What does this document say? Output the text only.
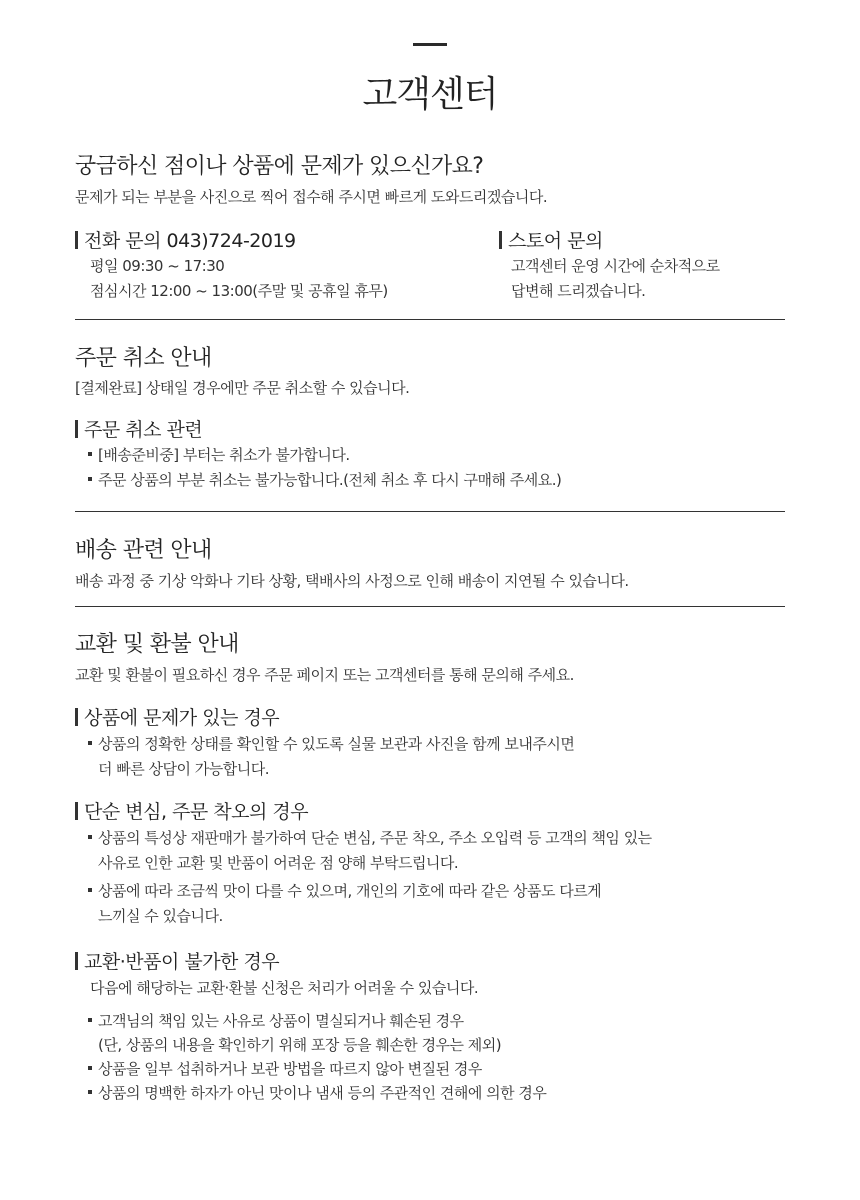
고객센터
궁금하신 점이나 상품에 문제가 있으신가요?
문제가 되는 부분을 사진으로 찍어 접수해 주시면 빠르게 도와드리겠습니다.
전화 문의 043)724-2019
평일 09:30 ~ 17:30
점심시간 12:00 ~ 13:00(주말 및 공휴일 휴무)
스토어 문의
고객센터 운영 시간에 순차적으로
답변해 드리겠습니다.
주문 취소 안내
[결제완료] 상태일 경우에만 주문 취소할 수 있습니다.
주문 취소 관련
[배송준비중] 부터는 취소가 불가합니다.
주문 상품의 부분 취소는 불가능합니다.(전체 취소 후 다시 구매해 주세요.)
배송 관련 안내
배송 과정 중 기상 악화나 기타 상황, 택배사의 사정으로 인해 배송이 지연될 수 있습니다.
교환 및 환불 안내
교환 및 환불이 필요하신 경우 주문 페이지 또는 고객센터를 통해 문의해 주세요.
상품에 문제가 있는 경우
상품의 정확한 상태를 확인할 수 있도록 실물 보관과 사진을 함께 보내주시면
더 빠른 상담이 가능합니다.
단순 변심, 주문 착오의 경우
상품의 특성상 재판매가 불가하여 단순 변심, 주문 착오, 주소 오입력 등 고객의 책임 있는
사유로 인한 교환 및 반품이 어려운 점 양해 부탁드립니다.
상품에 따라 조금씩 맛이 다를 수 있으며, 개인의 기호에 따라 같은 상품도 다르게
느끼실 수 있습니다.
교환·반품이 불가한 경우
다음에 해당하는 교환·환불 신청은 처리가 어려울 수 있습니다.
고객님의 책임 있는 사유로 상품이 멸실되거나 훼손된 경우
(단, 상품의 내용을 확인하기 위해 포장 등을 훼손한 경우는 제외)
상품을 일부 섭취하거나 보관 방법을 따르지 않아 변질된 경우
상품의 명백한 하자가 아닌 맛이나 냄새 등의 주관적인 견해에 의한 경우
